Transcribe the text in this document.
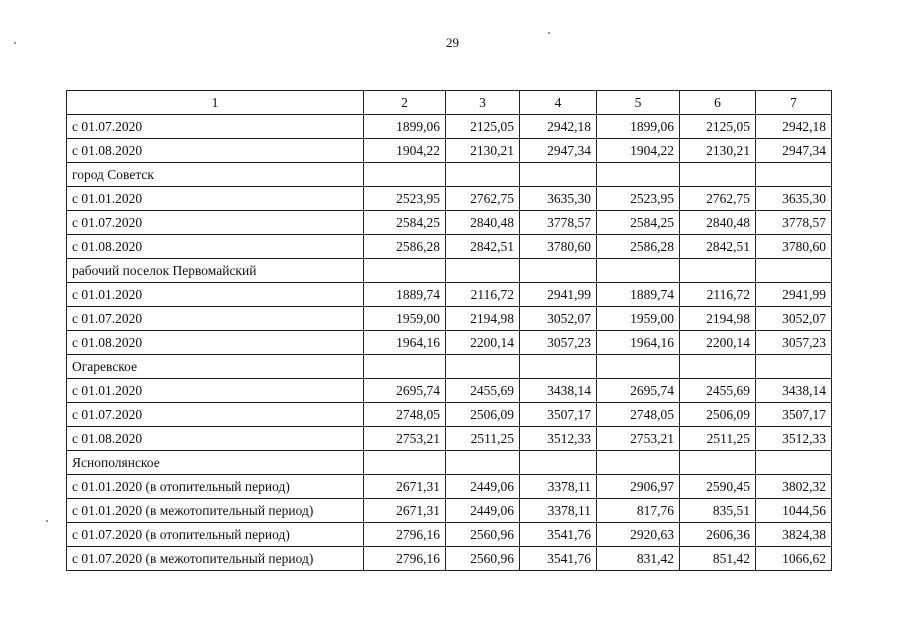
29
1	2	3	4	5	6	7
с 01.07.2020	1899,06	2125,05	2942,18	1899,06	2125,05	2942,18
с 01.08.2020	1904,22	2130,21	2947,34	1904,22	2130,21	2947,34
город Советск						
с 01.01.2020	2523,95	2762,75	3635,30	2523,95	2762,75	3635,30
с 01.07.2020	2584,25	2840,48	3778,57	2584,25	2840,48	3778,57
с 01.08.2020	2586,28	2842,51	3780,60	2586,28	2842,51	3780,60
рабочий поселок Первомайский						
с 01.01.2020	1889,74	2116,72	2941,99	1889,74	2116,72	2941,99
с 01.07.2020	1959,00	2194,98	3052,07	1959,00	2194,98	3052,07
с 01.08.2020	1964,16	2200,14	3057,23	1964,16	2200,14	3057,23
Огаревское						
с 01.01.2020	2695,74	2455,69	3438,14	2695,74	2455,69	3438,14
с 01.07.2020	2748,05	2506,09	3507,17	2748,05	2506,09	3507,17
с 01.08.2020	2753,21	2511,25	3512,33	2753,21	2511,25	3512,33
Яснополянское						
с 01.01.2020 (в отопительный период)	2671,31	2449,06	3378,11	2906,97	2590,45	3802,32
с 01.01.2020 (в межотопительный период)	2671,31	2449,06	3378,11	817,76	835,51	1044,56
с 01.07.2020 (в отопительный период)	2796,16	2560,96	3541,76	2920,63	2606,36	3824,38
с 01.07.2020 (в межотопительный период)	2796,16	2560,96	3541,76	831,42	851,42	1066,62
